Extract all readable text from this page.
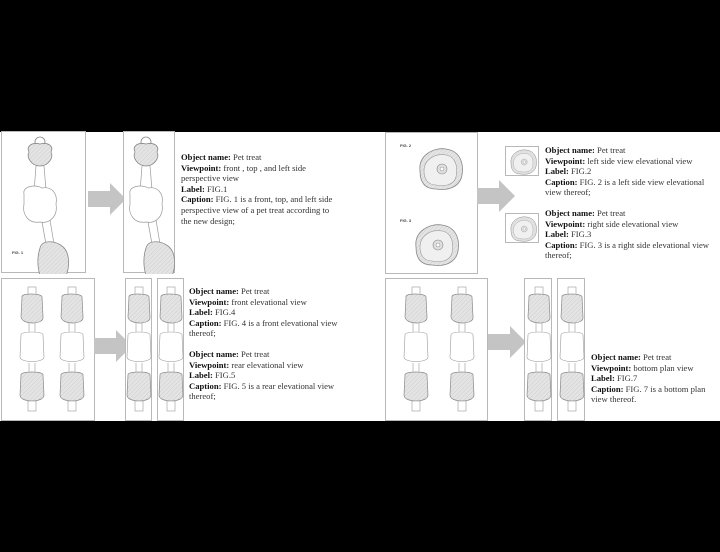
FIG. 1
Object name: Pet treat
Viewpoint: front , top , and left side perspective view
Label: FIG.1
Caption: FIG. 1 is a front, top, and left side perspective view of a pet treat according to the new design;
Object name: Pet treat
Viewpoint: front elevational view
Label: FIG.4
Caption: FIG. 4 is a front elevational view thereof;
Object name: Pet treat
Viewpoint: rear elevational view
Label: FIG.5
Caption: FIG. 5 is a rear elevational view thereof;
FIG. 2
FIG. 3
Object name: Pet treat
Viewpoint: left side view elevational view
Label: FIG.2
Caption: FIG. 2 is a left side view elevational view thereof;
Object name: Pet treat
Viewpoint: right side elevational view
Label: FIG.3
Caption: FIG. 3 is a right side elevational view thereof;
Object name: Pet treat
Viewpoint: bottom plan view
Label: FIG.7
Caption: FIG. 7 is a bottom plan view thereof.
